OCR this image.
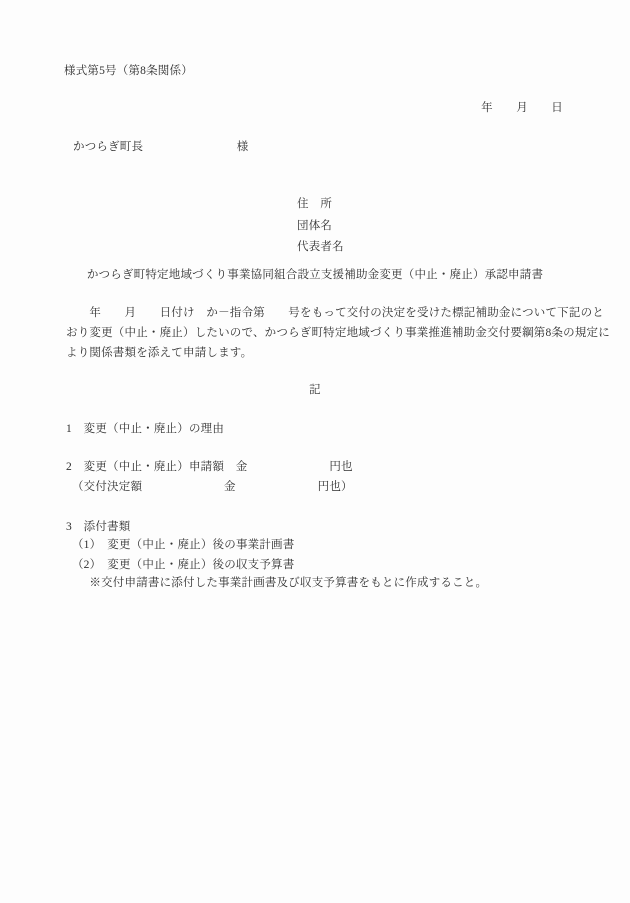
様式第5号（第8条関係）
年　　月　　日
かつらぎ町長　　　　　　　　様
住　所
団体名
代表者名
かつらぎ町特定地域づくり事業協同組合設立支援補助金変更（中止・廃止）承認申請書
　　年　　月　　日付け　か－指令第　　号をもって交付の決定を受けた標記補助金について下記のと
おり変更（中止・廃止）したいので、かつらぎ町特定地域づくり事業推進補助金交付要綱第8条の規定に
より関係書類を添えて申請します。
記
1　変更（中止・廃止）の理由
2　変更（中止・廃止）申請額　金　　　　　　　円也
　（交付決定額　　　　　　　金　　　　　　　円也）
3　添付書類
　（1）　変更（中止・廃止）後の事業計画書
　（2）　変更（中止・廃止）後の収支予算書
　　※交付申請書に添付した事業計画書及び収支予算書をもとに作成すること。
